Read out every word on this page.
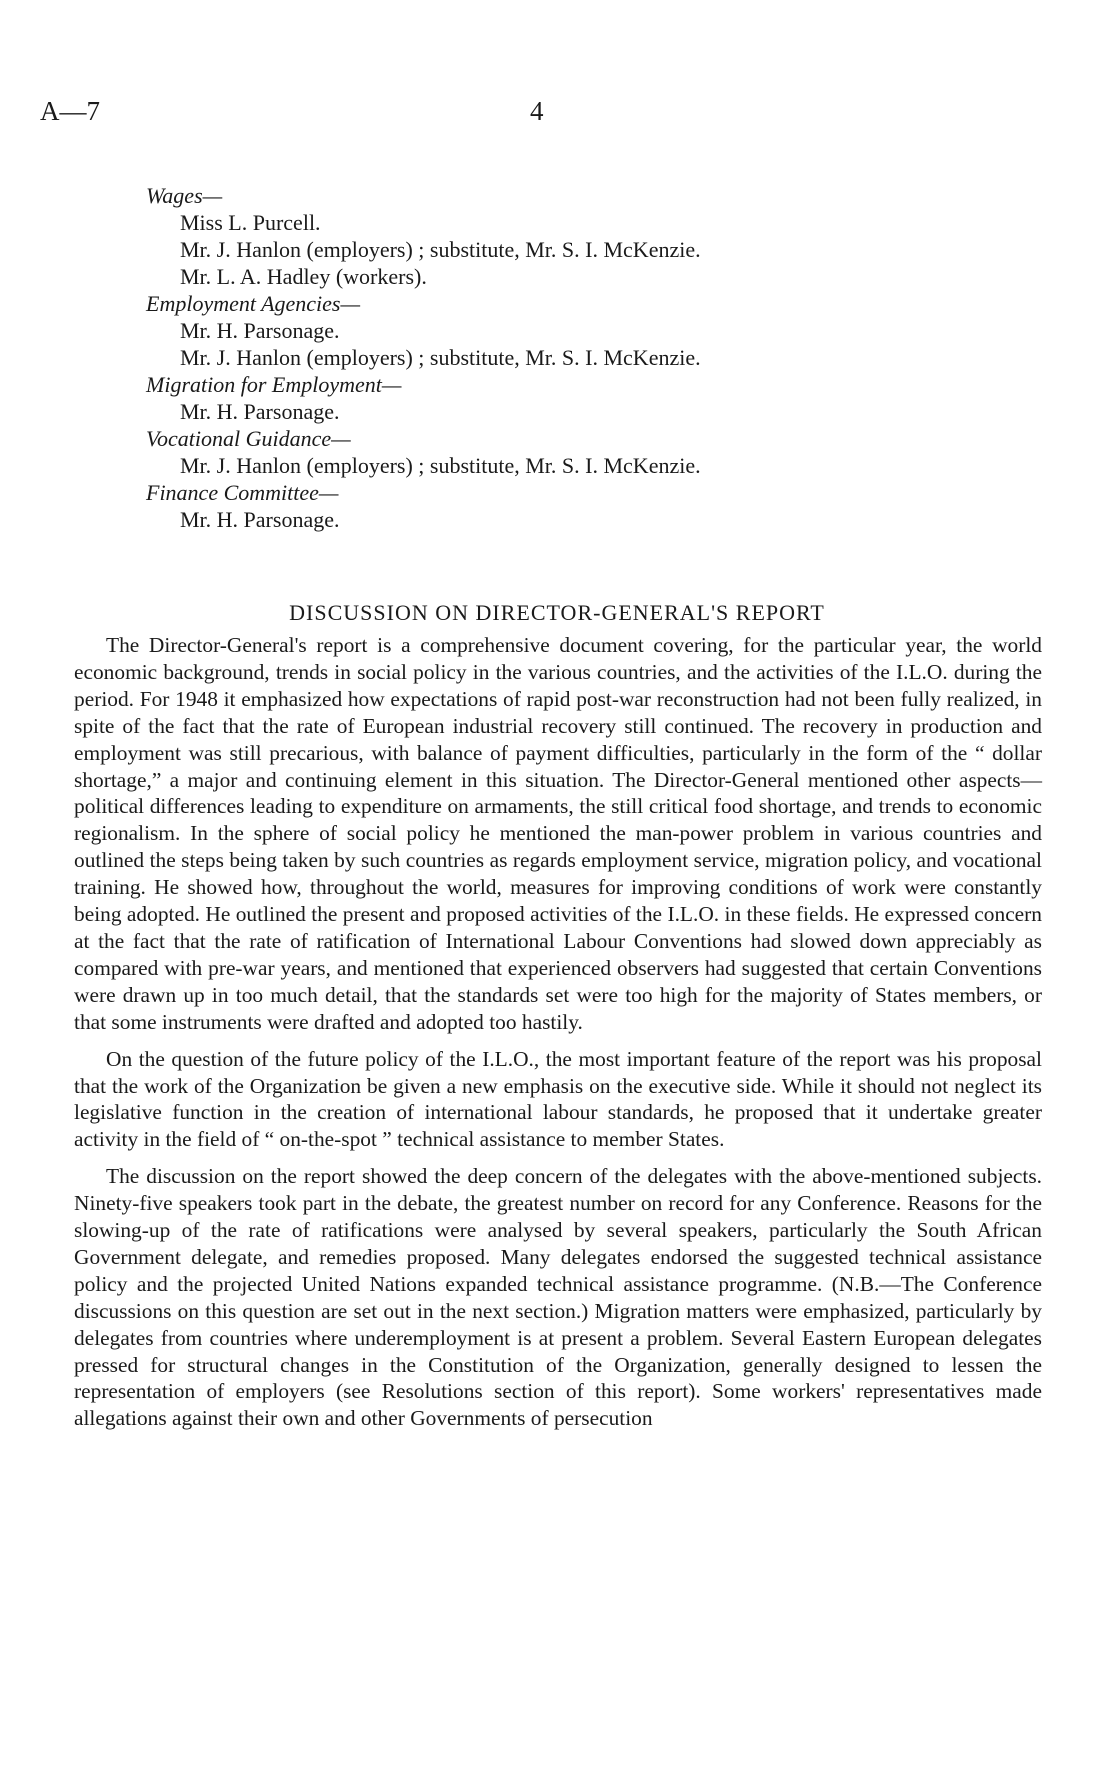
A—7	4
Wages—
Miss L. Purcell.
Mr. J. Hanlon (employers) ; substitute, Mr. S. I. McKenzie.
Mr. L. A. Hadley (workers).
Employment Agencies—
Mr. H. Parsonage.
Mr. J. Hanlon (employers) ; substitute, Mr. S. I. McKenzie.
Migration for Employment—
Mr. H. Parsonage.
Vocational Guidance—
Mr. J. Hanlon (employers) ; substitute, Mr. S. I. McKenzie.
Finance Committee—
Mr. H. Parsonage.
DISCUSSION ON DIRECTOR-GENERAL'S REPORT

The Director-General's report is a comprehensive document covering, for the particular year, the world economic background, trends in social policy in the various countries, and the activities of the I.L.O. during the period. For 1948 it emphasized how expectations of rapid post-war reconstruction had not been fully realized, in spite of the fact that the rate of European industrial recovery still continued. The recovery in production and employment was still precarious, with balance of payment difficulties, particularly in the form of the “ dollar shortage,” a major and continuing element in this situation. The Director-General mentioned other aspects—political differences leading to expenditure on armaments, the still critical food shortage, and trends to economic regionalism. In the sphere of social policy he mentioned the man-power problem in various countries and outlined the steps being taken by such countries as regards employment service, migration policy, and vocational training. He showed how, throughout the world, measures for improving conditions of work were constantly being adopted. He outlined the present and proposed activities of the I.L.O. in these fields. He expressed concern at the fact that the rate of ratification of International Labour Conventions had slowed down appreciably as compared with pre-war years, and mentioned that experienced observers had suggested that certain Conventions were drawn up in too much detail, that the standards set were too high for the majority of States members, or that some instruments were drafted and adopted too hastily.

On the question of the future policy of the I.L.O., the most important feature of the report was his proposal that the work of the Organization be given a new emphasis on the executive side. While it should not neglect its legislative function in the creation of international labour standards, he proposed that it undertake greater activity in the field of “ on-the-spot ” technical assistance to member States.

The discussion on the report showed the deep concern of the delegates with the above-mentioned subjects. Ninety-five speakers took part in the debate, the greatest number on record for any Conference. Reasons for the slowing-up of the rate of ratifications were analysed by several speakers, particularly the South African Government delegate, and remedies proposed. Many delegates endorsed the suggested technical assistance policy and the projected United Nations expanded technical assistance programme. (N.B.—The Conference discussions on this question are set out in the next section.) Migration matters were emphasized, particularly by delegates from countries where underemployment is at present a problem. Several Eastern European delegates pressed for structural changes in the Constitution of the Organization, generally designed to lessen the representation of employers (see Resolutions section of this report). Some workers' representatives made allegations against their own and other Governments of persecution
